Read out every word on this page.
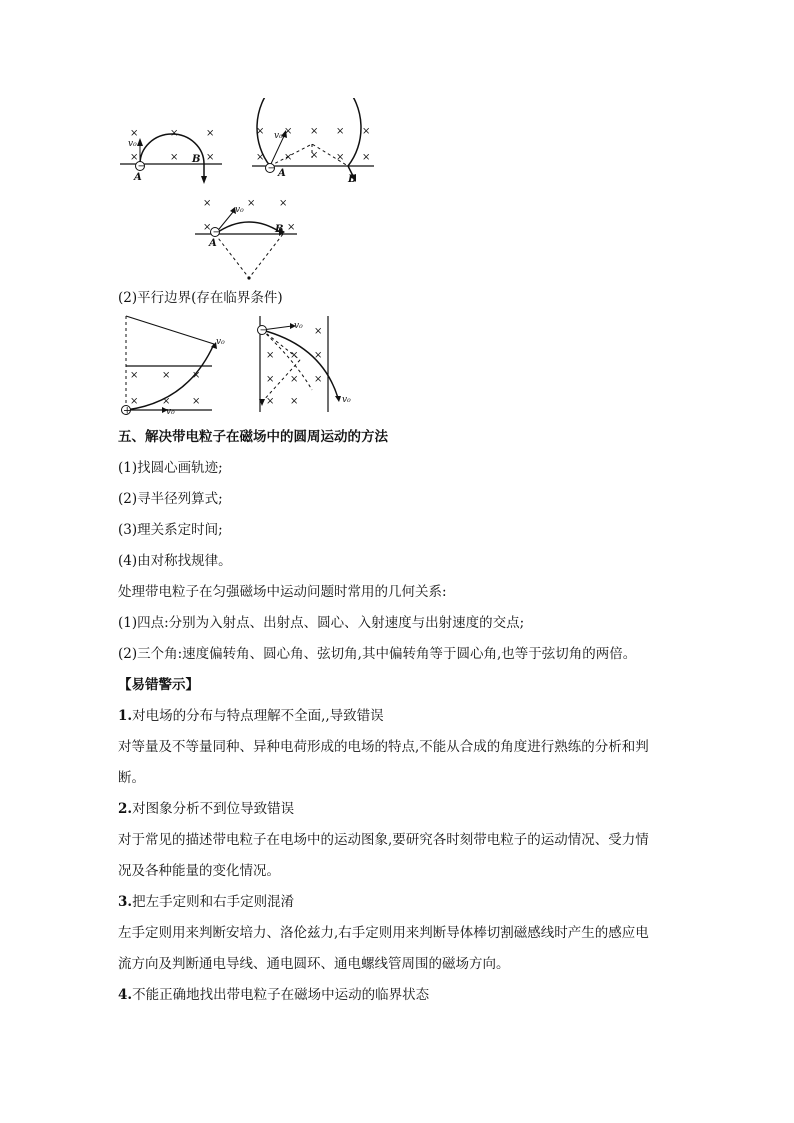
−
v₀
A
B
×	×	×
×	×	×
−
v₀
A
B
× × × × ×
× × × × ×
−
v₀
A
B
×	× ×
×	×
(2)平行边界(存在临界条件)
+
v₀
v₀
× × ×
× × ×
−	v₀
v₀
× ×
×
×
× × ×
× ×
五、解决带电粒子在磁场中的圆周运动的方法
(1)找圆心画轨迹;
(2)寻半径列算式;
(3)理关系定时间;
(4)由对称找规律。
处理带电粒子在匀强磁场中运动问题时常用的几何关系:
(1)四点:分别为入射点、出射点、圆心、入射速度与出射速度的交点;
(2)三个角:速度偏转角、圆心角、弦切角,其中偏转角等于圆心角,也等于弦切角的两倍。
【易错警示】
1.对电场的分布与特点理解不全面,,导致错误
对等量及不等量同种、异种电荷形成的电场的特点,不能从合成的角度进行熟练的分析和判
断。
2.对图象分析不到位导致错误
对于常见的描述带电粒子在电场中的运动图象,要研究各时刻带电粒子的运动情况、受力情
况及各种能量的变化情况。
3.把左手定则和右手定则混淆
左手定则用来判断安培力、洛伦兹力,右手定则用来判断导体棒切割磁感线时产生的感应电
流方向及判断通电导线、通电圆环、通电螺线管周围的磁场方向。
4.不能正确地找出带电粒子在磁场中运动的临界状态
